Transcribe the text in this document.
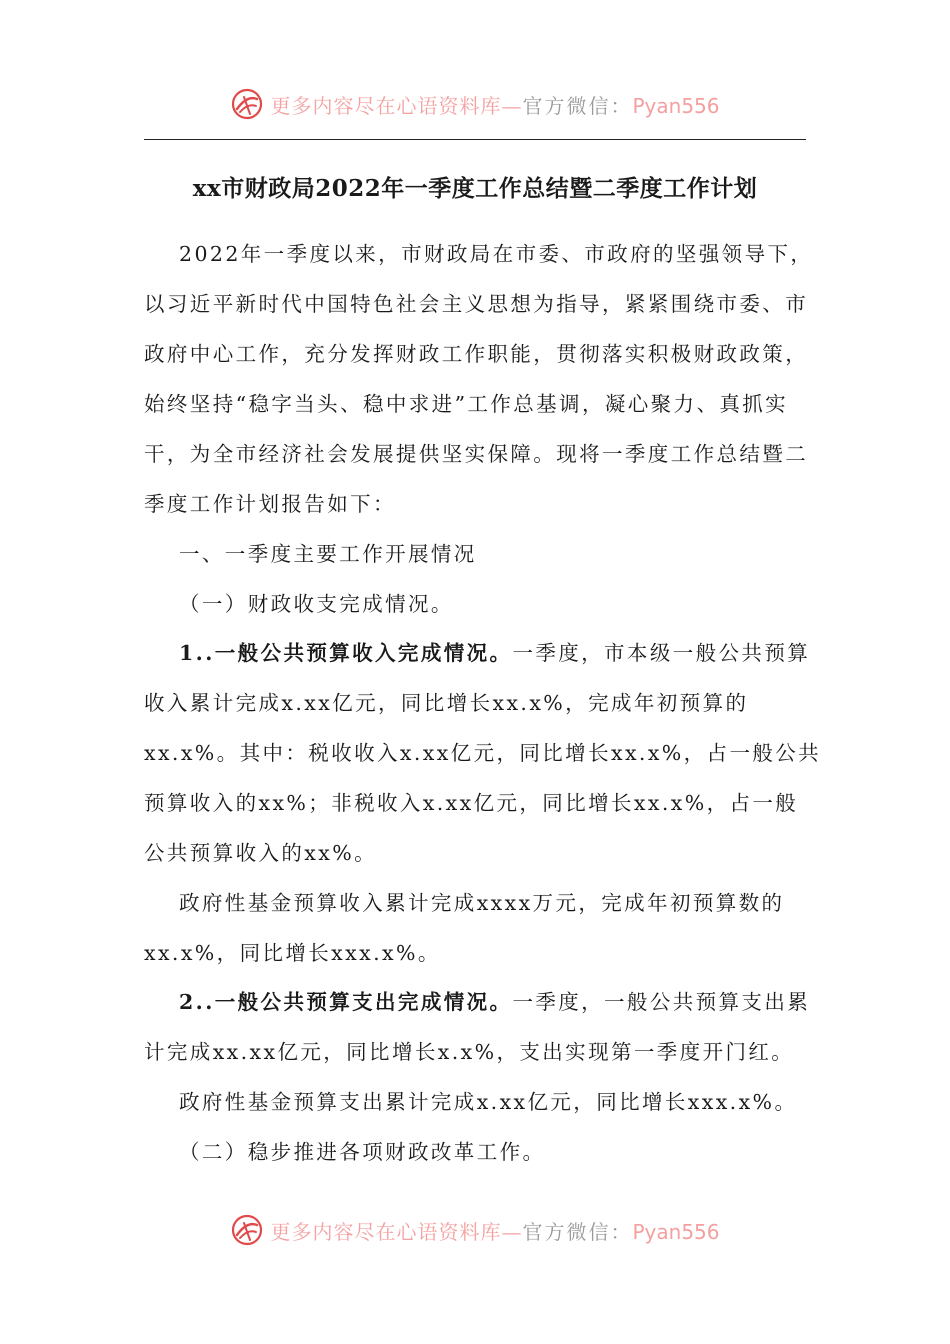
更多内容尽在心语资料库—官方微信：Pyan556
xx市财政局2022年一季度工作总结暨二季度工作计划
2022年一季度以来，市财政局在市委、市政府的坚强领导下，
以习近平新时代中国特色社会主义思想为指导，紧紧围绕市委、市
政府中心工作，充分发挥财政工作职能，贯彻落实积极财政政策，
始终坚持“稳字当头、稳中求进”工作总基调，凝心聚力、真抓实
干，为全市经济社会发展提供坚实保障。现将一季度工作总结暨二
季度工作计划报告如下：
一、一季度主要工作开展情况
（一）财政收支完成情况。
1..一般公共预算收入完成情况。一季度，市本级一般公共预算
收入累计完成x.xx亿元，同比增长xx.x%，完成年初预算的
xx.x%。其中：税收收入x.xx亿元，同比增长xx.x%，占一般公共
预算收入的xx%；非税收入x.xx亿元，同比增长xx.x%，占一般
公共预算收入的xx%。
政府性基金预算收入累计完成xxxx万元，完成年初预算数的
xx.x%，同比增长xxx.x%。
2..一般公共预算支出完成情况。一季度，一般公共预算支出累
计完成xx.xx亿元，同比增长x.x%，支出实现第一季度开门红。
政府性基金预算支出累计完成x.xx亿元，同比增长xxx.x%。
（二）稳步推进各项财政改革工作。
更多内容尽在心语资料库—官方微信：Pyan556
